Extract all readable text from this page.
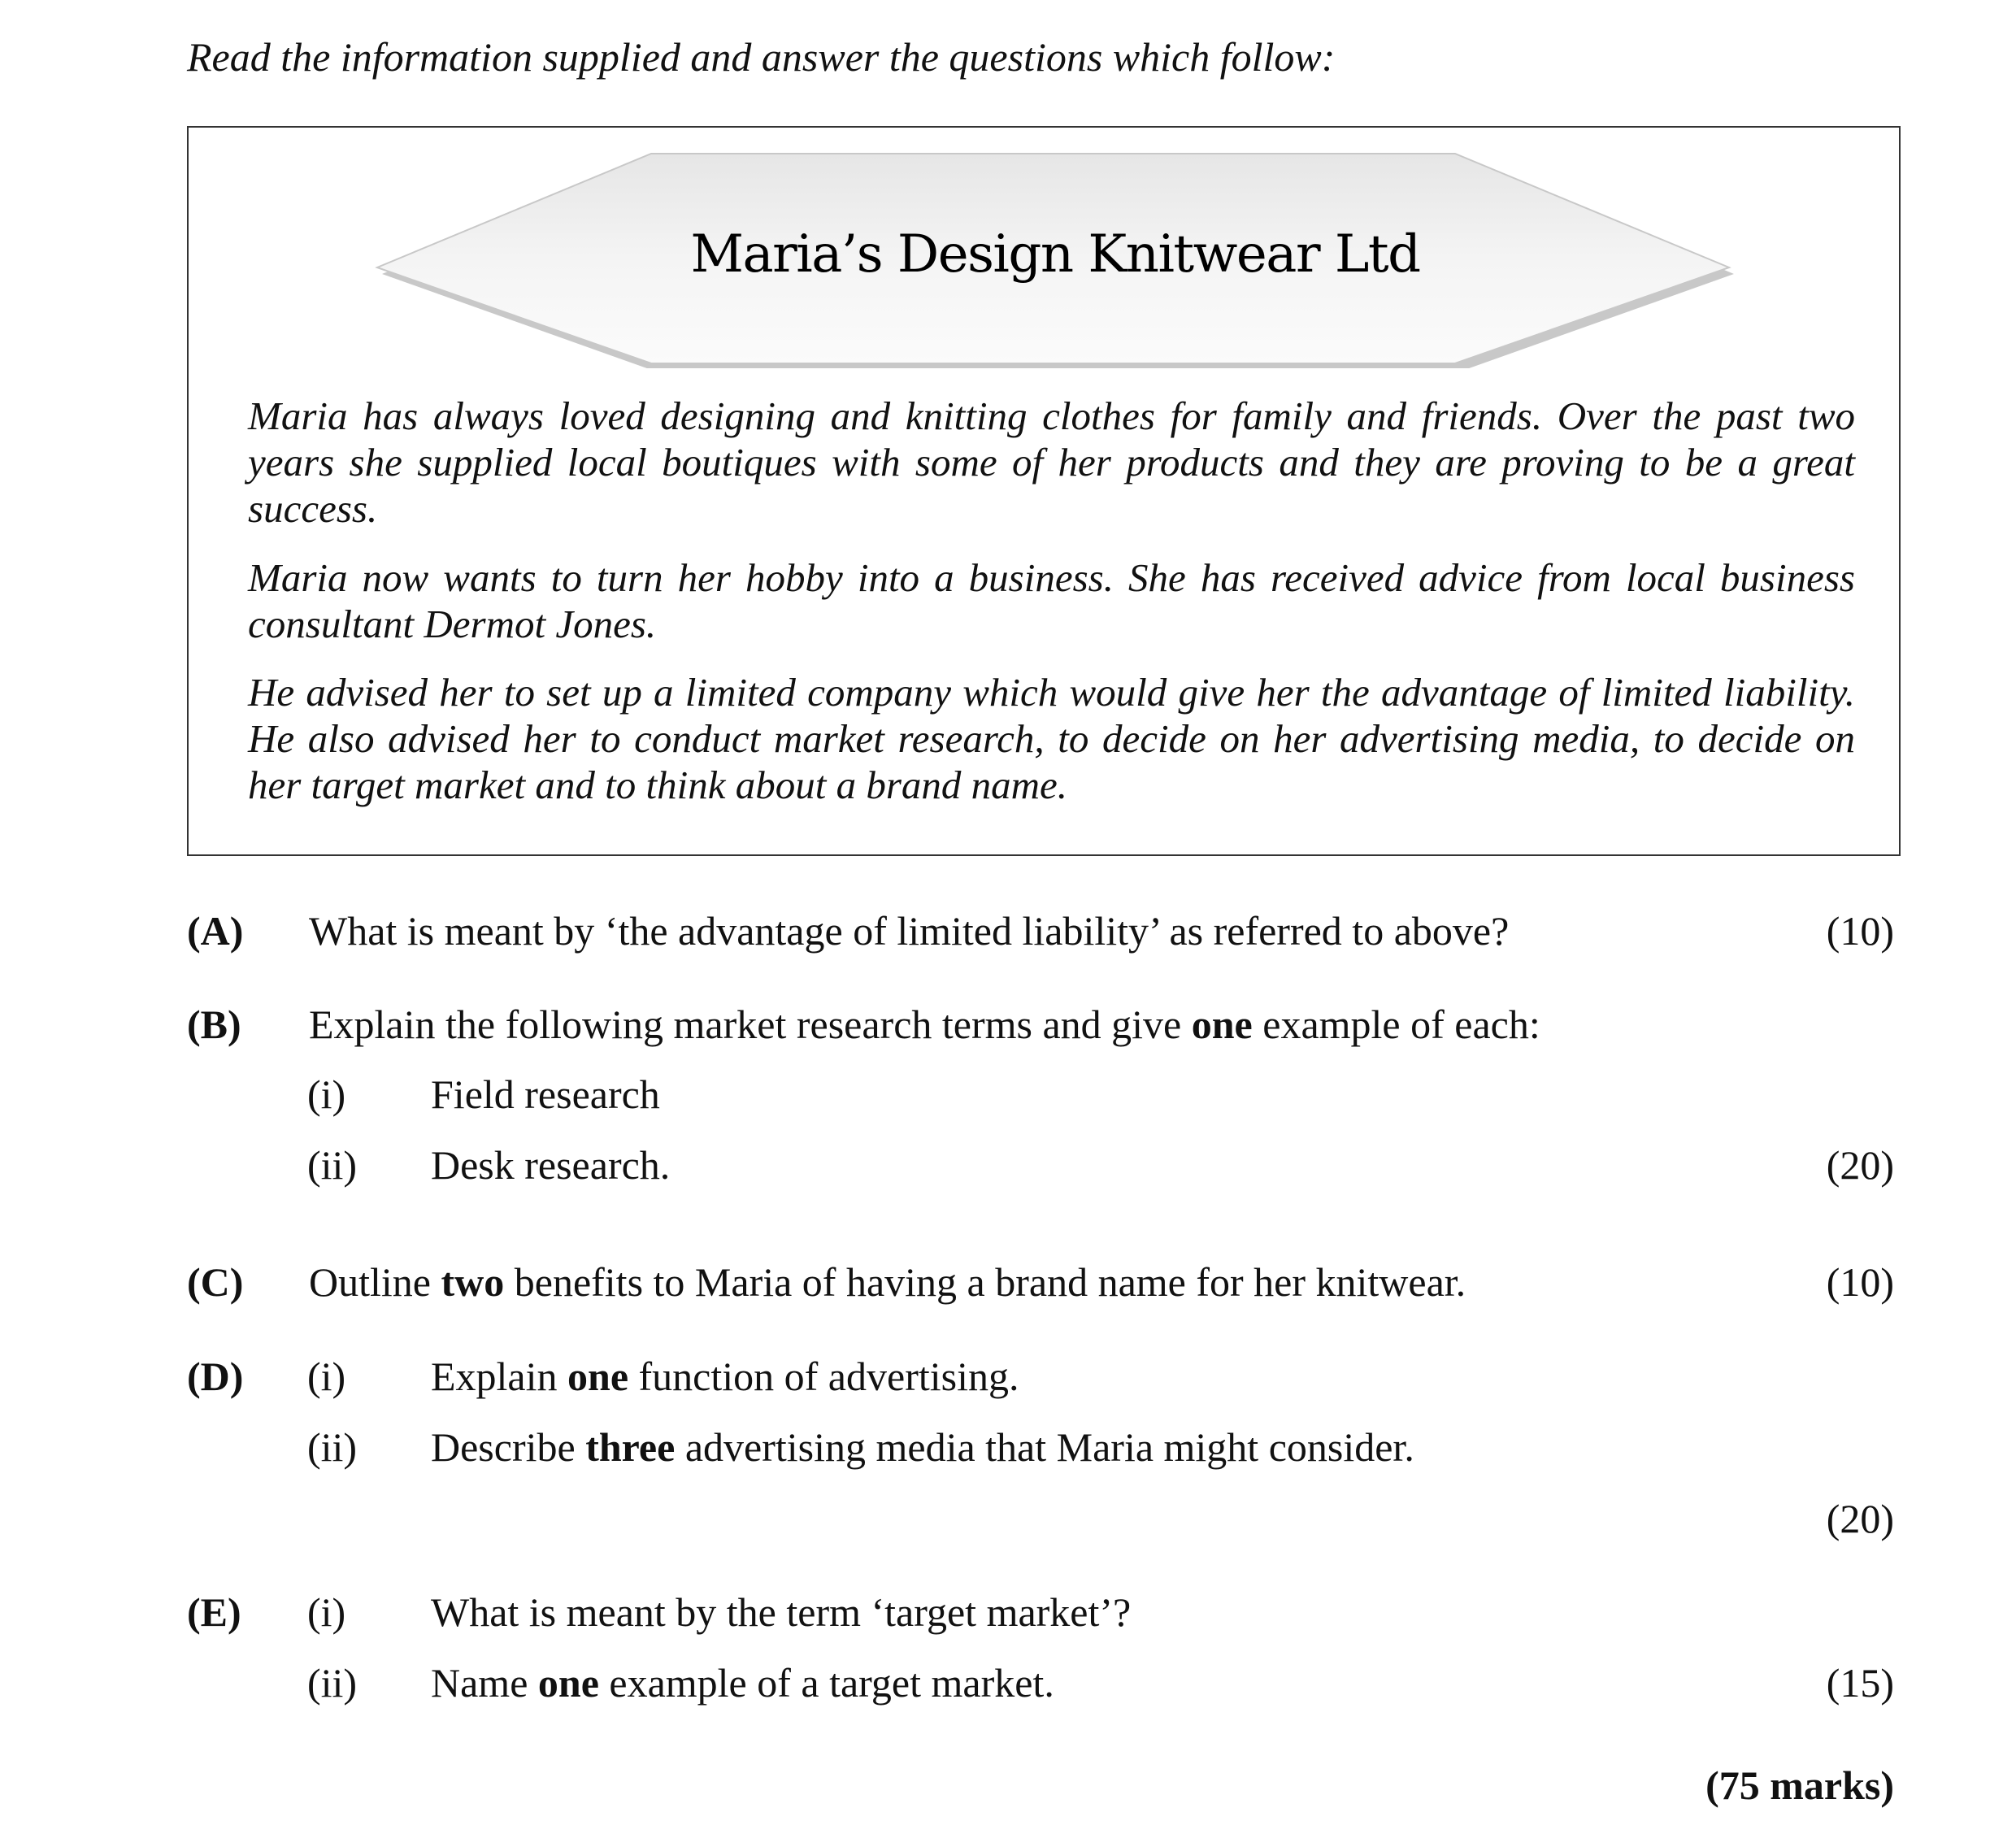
Read the information supplied and answer the questions which follow:
Maria’s Design Knitwear Ltd

Maria has always loved designing and knitting clothes for family and friends. Over the past two years she supplied local boutiques with some of her products and they are proving to be a great success.

Maria now wants to turn her hobby into a business. She has received advice from local business consultant Dermot Jones.

He advised her to set up a limited company which would give her the advantage of limited liability. He also advised her to conduct market research, to decide on her advertising media, to decide on her target market and to think about a brand name.

(A) What is meant by ‘the advantage of limited liability’ as referred to above?	(10)
(B) Explain the following market research terms and give one example of each:
(i) Field research
(ii) Desk research.	(20)
(C) Outline two benefits to Maria of having a brand name for her knitwear.	(10)
(D) (i) Explain one function of advertising.
(ii) Describe three advertising media that Maria might consider.
(20)
(E) (i) What is meant by the term ‘target market’?
(ii) Name one example of a target market.	(15)
(75 marks)
